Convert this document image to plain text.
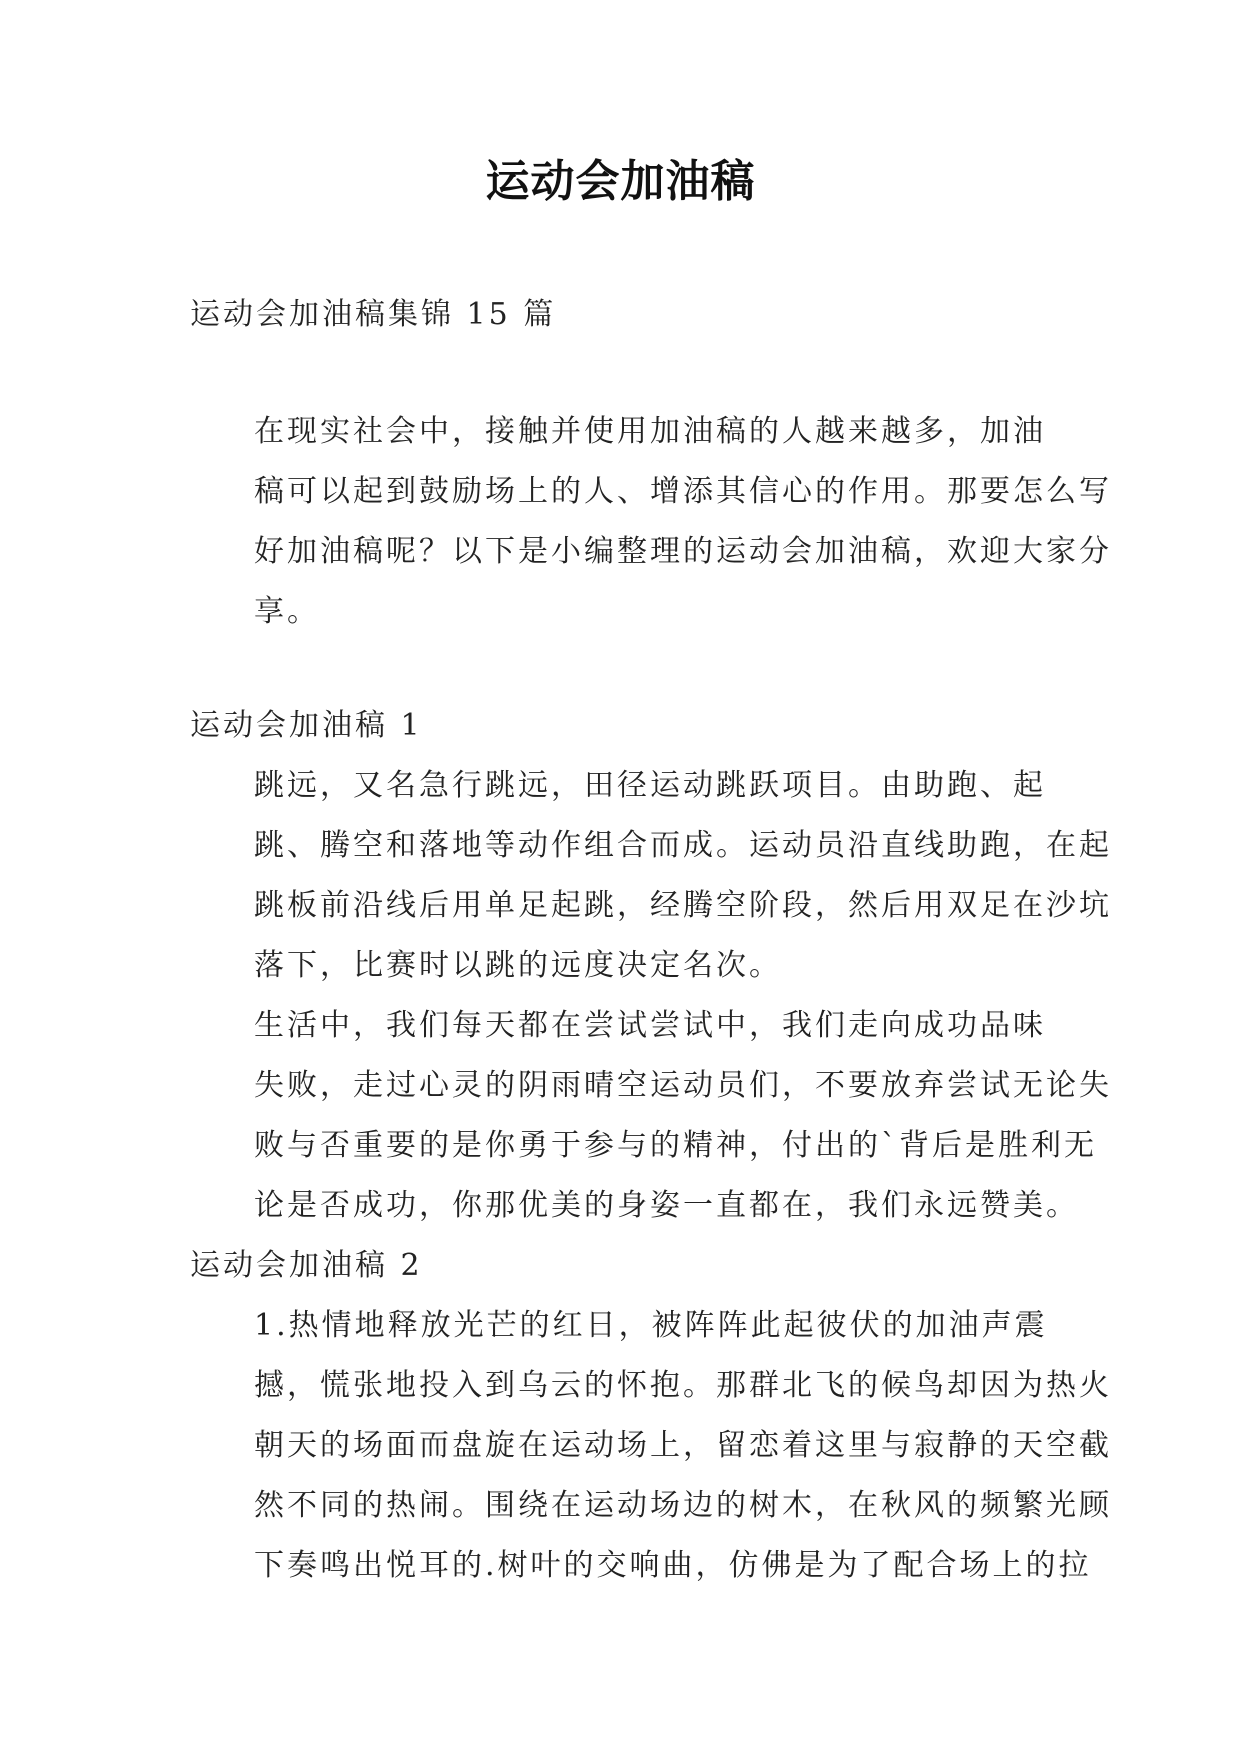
运动会加油稿
运动会加油稿集锦 15 篇
在现实社会中，接触并使用加油稿的人越来越多，加油
稿可以起到鼓励场上的人、增添其信心的作用。那要怎么写
好加油稿呢？以下是小编整理的运动会加油稿，欢迎大家分
享。
运动会加油稿 1
跳远，又名急行跳远，田径运动跳跃项目。由助跑、起
跳、腾空和落地等动作组合而成。运动员沿直线助跑，在起
跳板前沿线后用单足起跳，经腾空阶段，然后用双足在沙坑
落下，比赛时以跳的远度决定名次。
生活中，我们每天都在尝试尝试中，我们走向成功品味
失败，走过心灵的阴雨晴空运动员们，不要放弃尝试无论失
败与否重要的是你勇于参与的精神，付出的`背后是胜利无
论是否成功，你那优美的身姿一直都在，我们永远赞美。
运动会加油稿 2
1.热情地释放光芒的红日，被阵阵此起彼伏的加油声震
撼，慌张地投入到乌云的怀抱。那群北飞的候鸟却因为热火
朝天的场面而盘旋在运动场上，留恋着这里与寂静的天空截
然不同的热闹。围绕在运动场边的树木，在秋风的频繁光顾
下奏鸣出悦耳的.树叶的交响曲，仿佛是为了配合场上的拉
